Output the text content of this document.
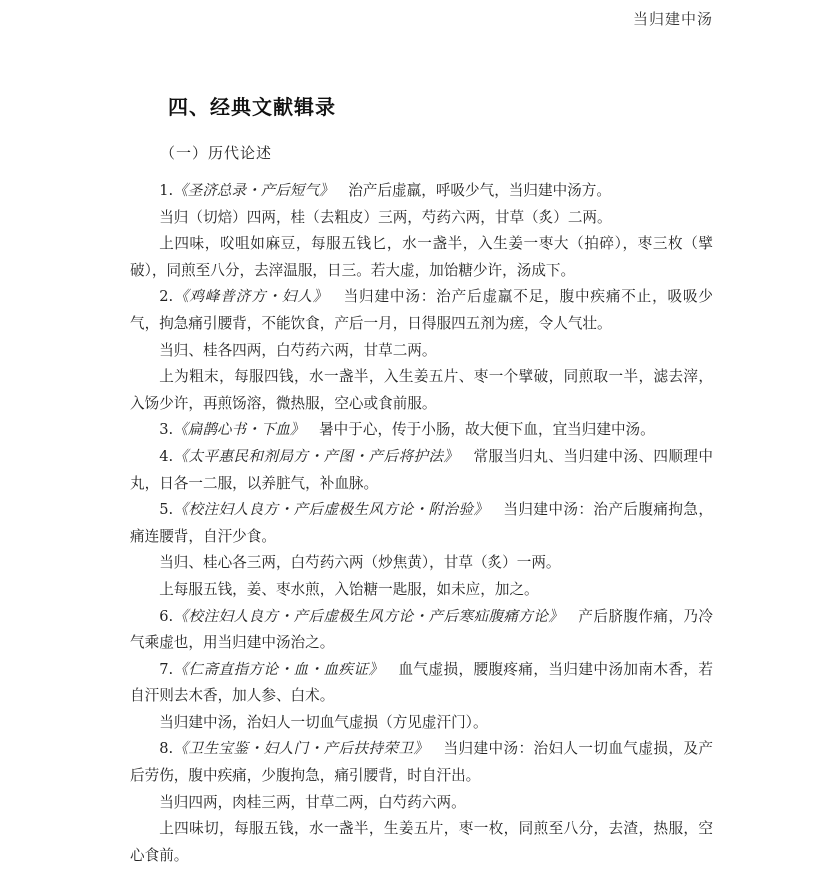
当归建中汤
四、经典文献辑录
（一）历代论述

1.《圣济总录・产后短气》 治产后虚羸，呼吸少气，当归建中汤方。

当归（切焙）四两，桂（去粗皮）三两，芍药六两，甘草（炙）二两。

上四味，㕮咀如麻豆，每服五钱匕，水一盏半，入生姜一枣大（拍碎），枣三枚（擘破），同煎至八分，去滓温服，日三。若大虚，加饴糖少许，汤成下。

2.《鸡峰普济方・妇人》 当归建中汤：治产后虚羸不足，腹中疾痛不止，吸吸少气，拘急痛引腰背，不能饮食，产后一月，日得服四五剂为瘥，令人气壮。

当归、桂各四两，白芍药六两，甘草二两。

上为粗末，每服四钱，水一盏半，入生姜五片、枣一个擘破，同煎取一半，滤去滓，入饧少许，再煎饧溶，微热服，空心或食前服。

3.《扁鹊心书・下血》 暑中于心，传于小肠，故大便下血，宜当归建中汤。

4.《太平惠民和剂局方・产图・产后将护法》 常服当归丸、当归建中汤、四顺理中丸，日各一二服，以养脏气，补血脉。

5.《校注妇人良方・产后虚极生风方论・附治验》 当归建中汤：治产后腹痛拘急，痛连腰背，自汗少食。

当归、桂心各三两，白芍药六两（炒焦黄），甘草（炙）一两。

上每服五钱，姜、枣水煎，入饴糖一匙服，如未应，加之。

6.《校注妇人良方・产后虚极生风方论・产后寒疝腹痛方论》 产后脐腹作痛，乃冷气乘虚也，用当归建中汤治之。

7.《仁斋直指方论・血・血疾证》 血气虚损，腰腹疼痛，当归建中汤加南木香，若自汗则去木香，加人参、白术。

当归建中汤，治妇人一切血气虚损（方见虚汗门）。

8.《卫生宝鉴・妇人门・产后扶持荣卫》 当归建中汤：治妇人一切血气虚损，及产后劳伤，腹中疾痛，少腹拘急，痛引腰背，时自汗出。

当归四两，肉桂三两，甘草二两，白芍药六两。

上四味切，每服五钱，水一盏半，生姜五片，枣一枚，同煎至八分，去渣，热服，空心食前。
